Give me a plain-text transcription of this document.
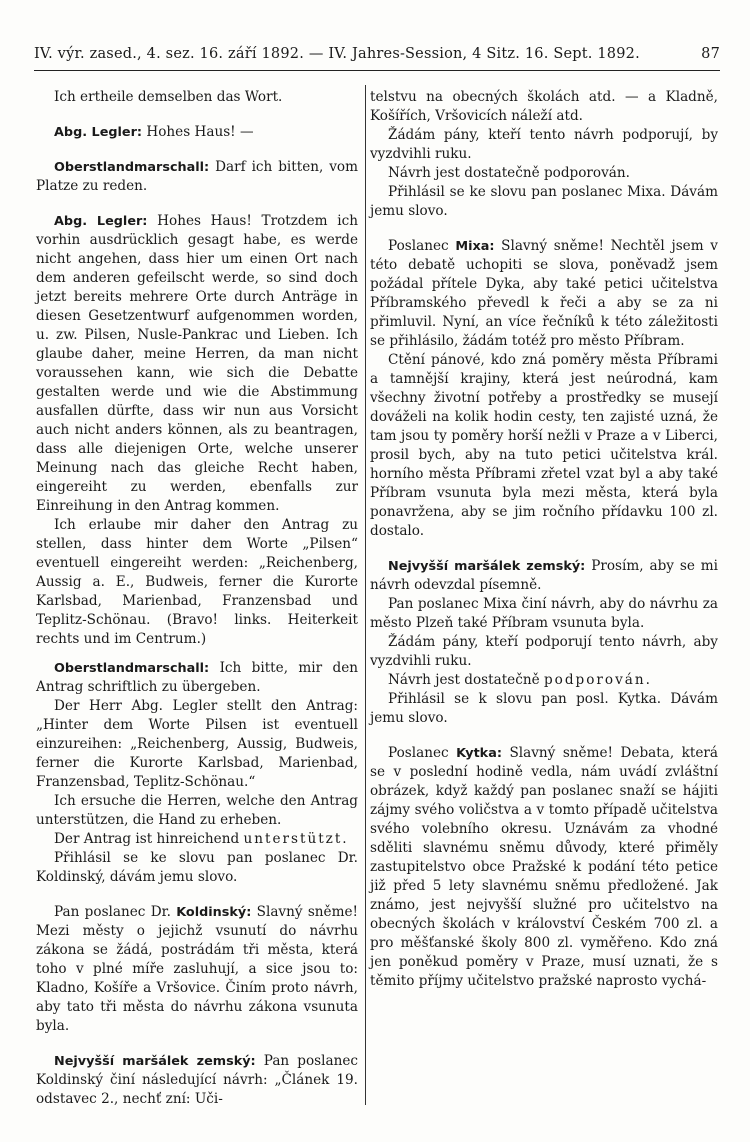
IV. výr. zased., 4. sez. 16. září 1892. — IV. Jahres-Session, 4 Sitz. 16. Sept. 1892.	87

Ich ertheile demselben das Wort.

Abg. Legler: Hohes Haus! —

Oberstlandmarschall: Darf ich bitten, vom Platze zu reden.

Abg. Legler: Hohes Haus! Trotzdem ich vorhin ausdrücklich gesagt habe, es werde nicht angehen, dass hier um einen Ort nach dem anderen gefeilscht werde, so sind doch jetzt bereits mehrere Orte durch Anträge in diesen Gesetzentwurf aufgenommen worden, u. zw. Pilsen, Nusle-Pankrac und Lieben. Ich glaube daher, meine Herren, da man nicht voraussehen kann, wie sich die Debatte gestalten werde und wie die Abstimmung ausfallen dürfte, dass wir nun aus Vorsicht auch nicht anders können, als zu beantragen, dass alle diejenigen Orte, welche unserer Meinung nach das gleiche Recht haben, eingereiht zu werden, ebenfalls zur Einreihung in den Antrag kommen.

Ich erlaube mir daher den Antrag zu stellen, dass hinter dem Worte „Pilsen“ eventuell eingereiht werden: „Reichenberg, Aussig a. E., Budweis, ferner die Kurorte Karlsbad, Marienbad, Franzensbad und Teplitz-Schönau. (Bravo! links. Heiterkeit rechts und im Centrum.)

Oberstlandmarschall: Ich bitte, mir den Antrag schriftlich zu übergeben.

Der Herr Abg. Legler stellt den Antrag: „Hinter dem Worte Pilsen ist eventuell einzureihen: „Reichenberg, Aussig, Budweis, ferner die Kurorte Karlsbad, Marienbad, Franzensbad, Teplitz-Schönau.“

Ich ersuche die Herren, welche den Antrag unterstützen, die Hand zu erheben.

Der Antrag ist hinreichend unterstützt.

Přihlásil se ke slovu pan poslanec Dr. Koldinský, dávám jemu slovo.

Pan poslanec Dr. Koldinský: Slavný sněme! Mezi městy o jejichž vsunutí do návrhu zákona se žádá, postrádám tři města, která toho v plné míře zasluhují, a sice jsou to: Kladno, Košíře a Vršovice. Činím proto návrh, aby tato tři města do návrhu zákona vsunuta byla.

Nejvyšší maršálek zemský: Pan poslanec Koldinský činí následující návrh: „Článek 19. odstavec 2., nechť zní: Uči-

telstvu na obecných školách atd. — a Kladně, Košířích, Vršovicích náleží atd.

Žádám pány, kteří tento návrh podporují, by vyzdvihli ruku.

Návrh jest dostatečně podporován.

Přihlásil se ke slovu pan poslanec Mixa. Dávám jemu slovo.

Poslanec Mixa: Slavný sněme! Nechtěl jsem v této debatě uchopiti se slova, poněvadž jsem požádal přítele Dyka, aby také petici učitelstva Příbramského převedl k řeči a aby se za ni přimluvil. Nyní, an více řečníků k této záležitosti se přihlásilo, žádám totéž pro město Příbram.

Ctění pánové, kdo zná poměry města Příbrami a tamnější krajiny, která jest neúrodná, kam všechny životní potřeby a prostředky se musejí dováželi na kolik hodin cesty, ten zajisté uzná, že tam jsou ty poměry horší nežli v Praze a v Liberci, prosil bych, aby na tuto petici učitelstva král. horního města Příbrami zřetel vzat byl a aby také Příbram vsunuta byla mezi města, která byla ponavržena, aby se jim ročního přídavku 100 zl. dostalo.

Nejvyšší maršálek zemský: Prosím, aby se mi návrh odevzdal písemně.

Pan poslanec Mixa činí návrh, aby do návrhu za město Plzeň také Příbram vsunuta byla.

Žádám pány, kteří podporují tento návrh, aby vyzdvihli ruku.

Návrh jest dostatečně podporován.

Přihlásil se k slovu pan posl. Kytka. Dávám jemu slovo.

Poslanec Kytka: Slavný sněme! Debata, která se v poslední hodině vedla, nám uvádí zvláštní obrázek, když každý pan poslanec snaží se hájiti zájmy svého voličstva a v tomto případě učitelstva svého volebního okresu. Uznávám za vhodné sděliti slavnému sněmu důvody, které přiměly zastupitelstvo obce Pražské k podání této petice již před 5 lety slavnému sněmu předložené. Jak známo, jest nejvyšší služné pro učitelstvo na obecných školách v království Českém 700 zl. a pro měšťanské školy 800 zl. vyměřeno. Kdo zná jen poněkud poměry v Praze, musí uznati, že s těmito příjmy učitelstvo pražské naprosto vychá-
